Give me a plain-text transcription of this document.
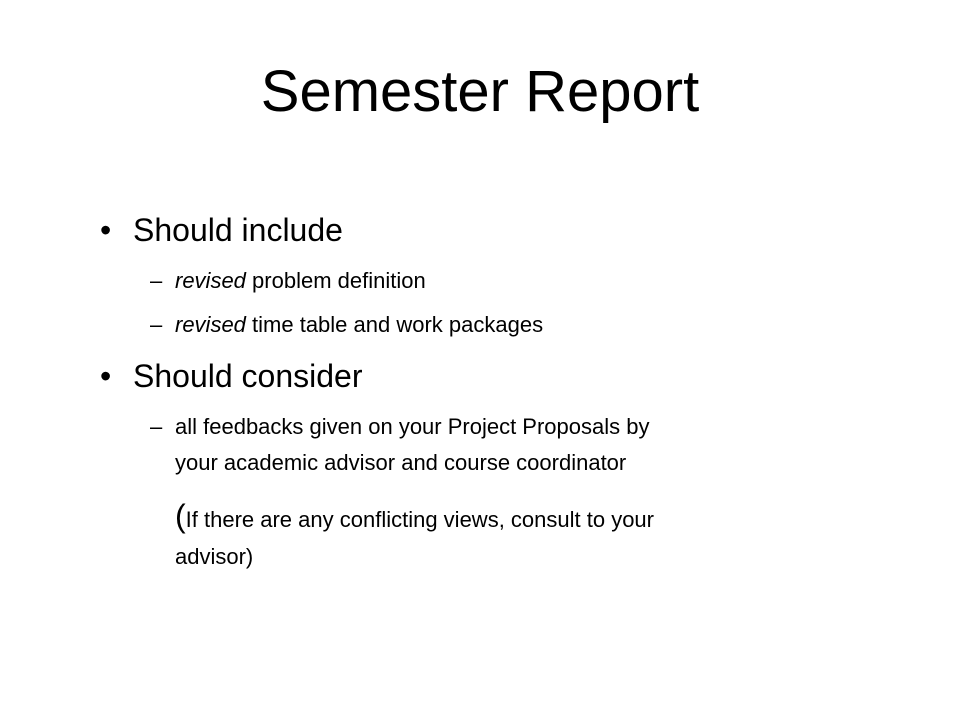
Semester Report
• Should include
– revised problem definition
– revised time table and work packages
• Should consider
– all feedbacks given on your Project Proposals by
your academic advisor and course coordinator
(If there are any conflicting views, consult to your
advisor)
